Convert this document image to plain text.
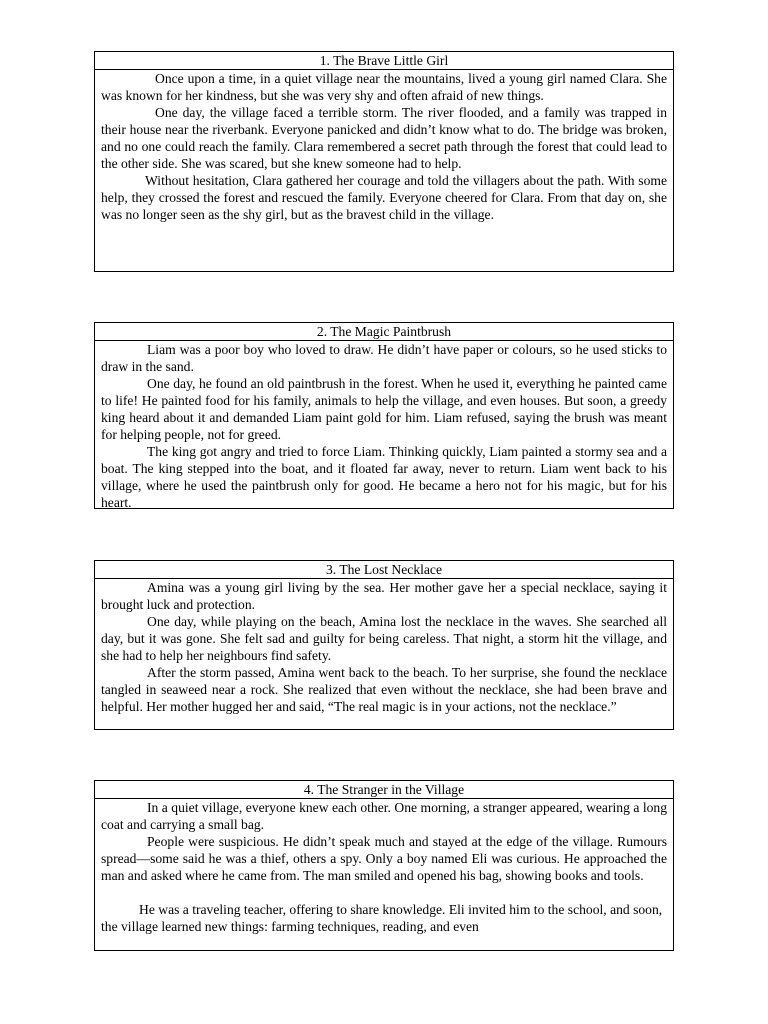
1. The Brave Little Girl

Once upon a time, in a quiet village near the mountains, lived a young girl named Clara. She was known for her kindness, but she was very shy and often afraid of new things.

One day, the village faced a terrible storm. The river flooded, and a family was trapped in their house near the riverbank. Everyone panicked and didn’t know what to do. The bridge was broken, and no one could reach the family. Clara remembered a secret path through the forest that could lead to the other side. She was scared, but she knew someone had to help.

Without hesitation, Clara gathered her courage and told the villagers about the path. With some help, they crossed the forest and rescued the family. Everyone cheered for Clara. From that day on, she was no longer seen as the shy girl, but as the bravest child in the village.

2. The Magic Paintbrush

Liam was a poor boy who loved to draw. He didn’t have paper or colours, so he used sticks to draw in the sand.

One day, he found an old paintbrush in the forest. When he used it, everything he painted came to life! He painted food for his family, animals to help the village, and even houses. But soon, a greedy king heard about it and demanded Liam paint gold for him. Liam refused, saying the brush was meant for helping people, not for greed.

The king got angry and tried to force Liam. Thinking quickly, Liam painted a stormy sea and a boat. The king stepped into the boat, and it floated far away, never to return. Liam went back to his village, where he used the paintbrush only for good. He became a hero not for his magic, but for his heart.

3. The Lost Necklace

Amina was a young girl living by the sea. Her mother gave her a special necklace, saying it brought luck and protection.

One day, while playing on the beach, Amina lost the necklace in the waves. She searched all day, but it was gone. She felt sad and guilty for being careless. That night, a storm hit the village, and she had to help her neighbours find safety.

After the storm passed, Amina went back to the beach. To her surprise, she found the necklace tangled in seaweed near a rock. She realized that even without the necklace, she had been brave and helpful. Her mother hugged her and said, “The real magic is in your actions, not the necklace.”

4. The Stranger in the Village

In a quiet village, everyone knew each other. One morning, a stranger appeared, wearing a long coat and carrying a small bag.

People were suspicious. He didn’t speak much and stayed at the edge of the village. Rumours spread—some said he was a thief, others a spy. Only a boy named Eli was curious. He approached the man and asked where he came from. The man smiled and opened his bag, showing books and tools.

He was a traveling teacher, offering to share knowledge. Eli invited him to the school, and soon, the village learned new things: farming techniques, reading, and even
